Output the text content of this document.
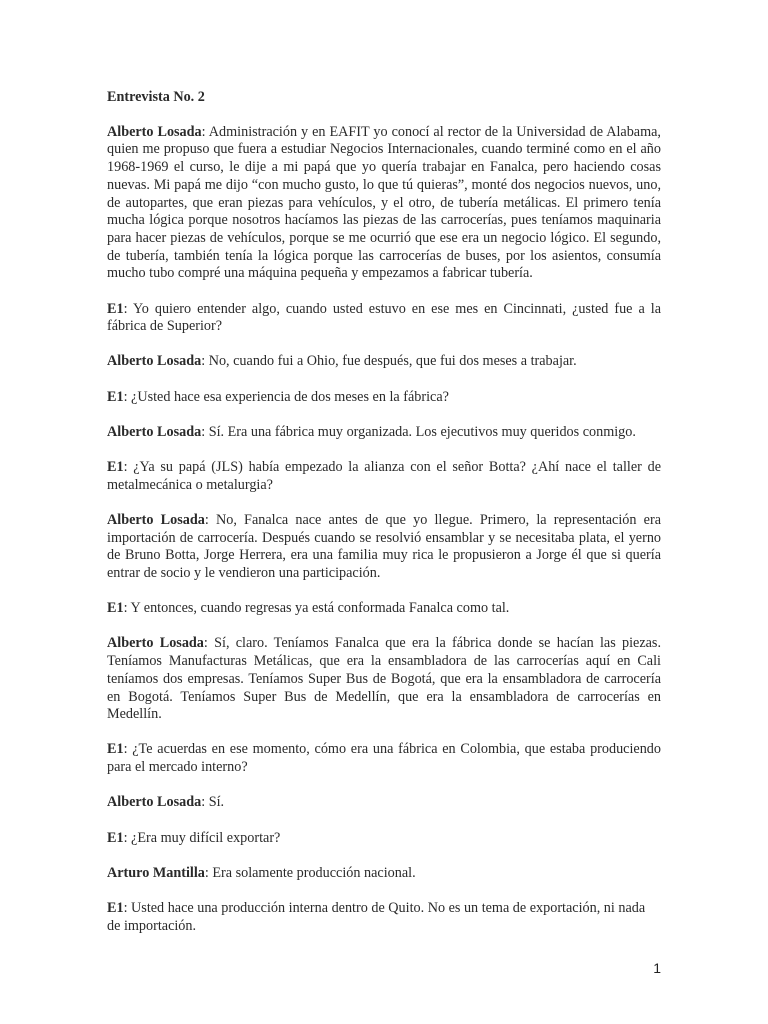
Entrevista No. 2

Alberto Losada: Administración y en EAFIT yo conocí al rector de la Universidad de Alabama, quien me propuso que fuera a estudiar Negocios Internacionales, cuando terminé como en el año 1968-1969 el curso, le dije a mi papá que yo quería trabajar en Fanalca, pero haciendo cosas nuevas. Mi papá me dijo “con mucho gusto, lo que tú quieras”, monté dos negocios nuevos, uno, de autopartes, que eran piezas para vehículos, y el otro, de tubería metálicas. El primero tenía mucha lógica porque nosotros hacíamos las piezas de las carrocerías, pues teníamos maquinaria para hacer piezas de vehículos, porque se me ocurrió que ese era un negocio lógico. El segundo, de tubería, también tenía la lógica porque las carrocerías de buses, por los asientos, consumía mucho tubo compré una máquina pequeña y empezamos a fabricar tubería.

E1: Yo quiero entender algo, cuando usted estuvo en ese mes en Cincinnati, ¿usted fue a la fábrica de Superior?

Alberto Losada: No, cuando fui a Ohio, fue después, que fui dos meses a trabajar.

E1: ¿Usted hace esa experiencia de dos meses en la fábrica?

Alberto Losada: Sí. Era una fábrica muy organizada. Los ejecutivos muy queridos conmigo.

E1: ¿Ya su papá (JLS) había empezado la alianza con el señor Botta? ¿Ahí nace el taller de metalmecánica o metalurgia?

Alberto Losada: No, Fanalca nace antes de que yo llegue. Primero, la representación era importación de carrocería. Después cuando se resolvió ensamblar y se necesitaba plata, el yerno de Bruno Botta, Jorge Herrera, era una familia muy rica le propusieron a Jorge él que si quería entrar de socio y le vendieron una participación.

E1: Y entonces, cuando regresas ya está conformada Fanalca como tal.

Alberto Losada: Sí, claro. Teníamos Fanalca que era la fábrica donde se hacían las piezas. Teníamos Manufacturas Metálicas, que era la ensambladora de las carrocerías aquí en Cali teníamos dos empresas. Teníamos Super Bus de Bogotá, que era la ensambladora de carrocería en Bogotá. Teníamos Super Bus de Medellín, que era la ensambladora de carrocerías en Medellín.

E1: ¿Te acuerdas en ese momento, cómo era una fábrica en Colombia, que estaba produciendo para el mercado interno?

Alberto Losada: Sí.

E1: ¿Era muy difícil exportar?

Arturo Mantilla: Era solamente producción nacional.

E1: Usted hace una producción interna dentro de Quito. No es un tema de exportación, ni nada de importación.

1
